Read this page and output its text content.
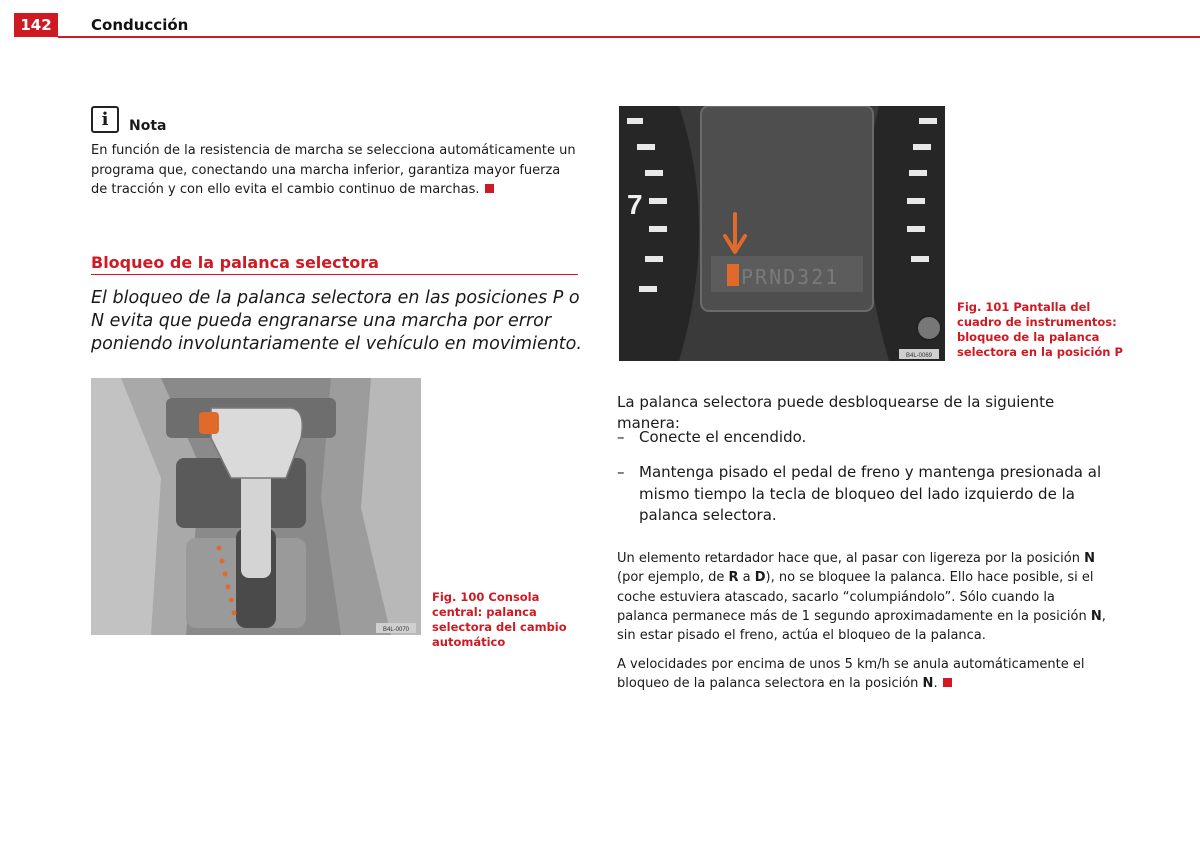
142	Conducción
i Nota
En función de la resistencia de marcha se selecciona automáticamente un programa que, conectando una marcha inferior, garantiza mayor fuerza de tracción y con ello evita el cambio continuo de marchas.
Bloqueo de la palanca selectora
El bloqueo de la palanca selectora en las posiciones P o N evita que pueda engranarse una marcha por error poniendo involuntariamente el vehículo en movimiento.
B4L-0070
Fig. 100 Consola central: palanca selectora del cambio automático
7
PRND321
B4L-0069
Fig. 101 Pantalla del cuadro de instrumentos: bloqueo de la palanca selectora en la posición P
La palanca selectora puede desbloquearse de la siguiente manera:
– Conecte el encendido.
– Mantenga pisado el pedal de freno y mantenga presionada al mismo tiempo la tecla de bloqueo del lado izquierdo de la palanca selectora.
Un elemento retardador hace que, al pasar con ligereza por la posición N (por ejemplo, de R a D), no se bloquee la palanca. Ello hace posible, si el coche estuviera atascado, sacarlo “columpiándolo”. Sólo cuando la palanca permanece más de 1 segundo aproximadamente en la posición N, sin estar pisado el freno, actúa el bloqueo de la palanca.
A velocidades por encima de unos 5 km/h se anula automáticamente el bloqueo de la palanca selectora en la posición N.
